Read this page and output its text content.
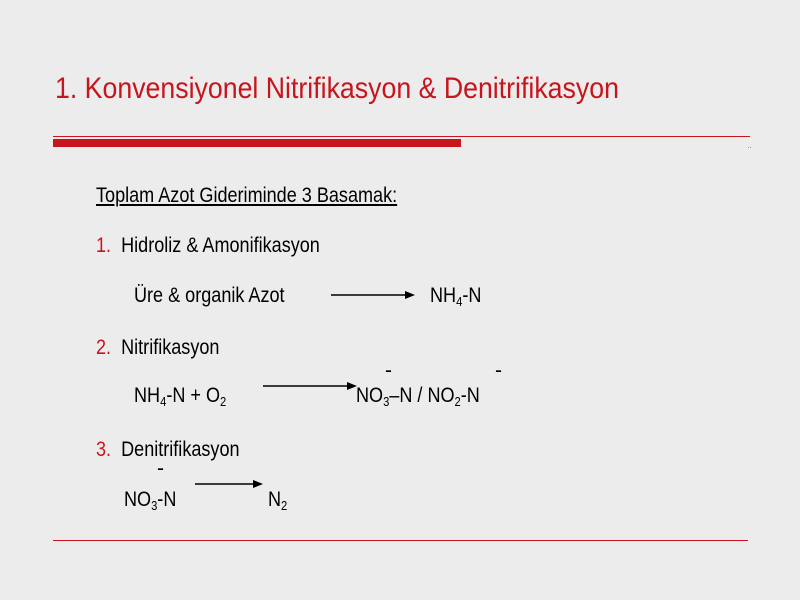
1. Konvensiyonel Nitrifikasyon & Denitrifikasyon
Toplam Azot Gideriminde 3 Basamak:
1. Hidroliz & Amonifikasyon
Üre & organik Azot	$NH_4-N$
2. Nitrifikasyon
$NH_4-N + O_2$
-	-
$NO_3-N / NO_2-N$
3. Denitrifikasyon
-
$NO_3-N$	$N_2$
